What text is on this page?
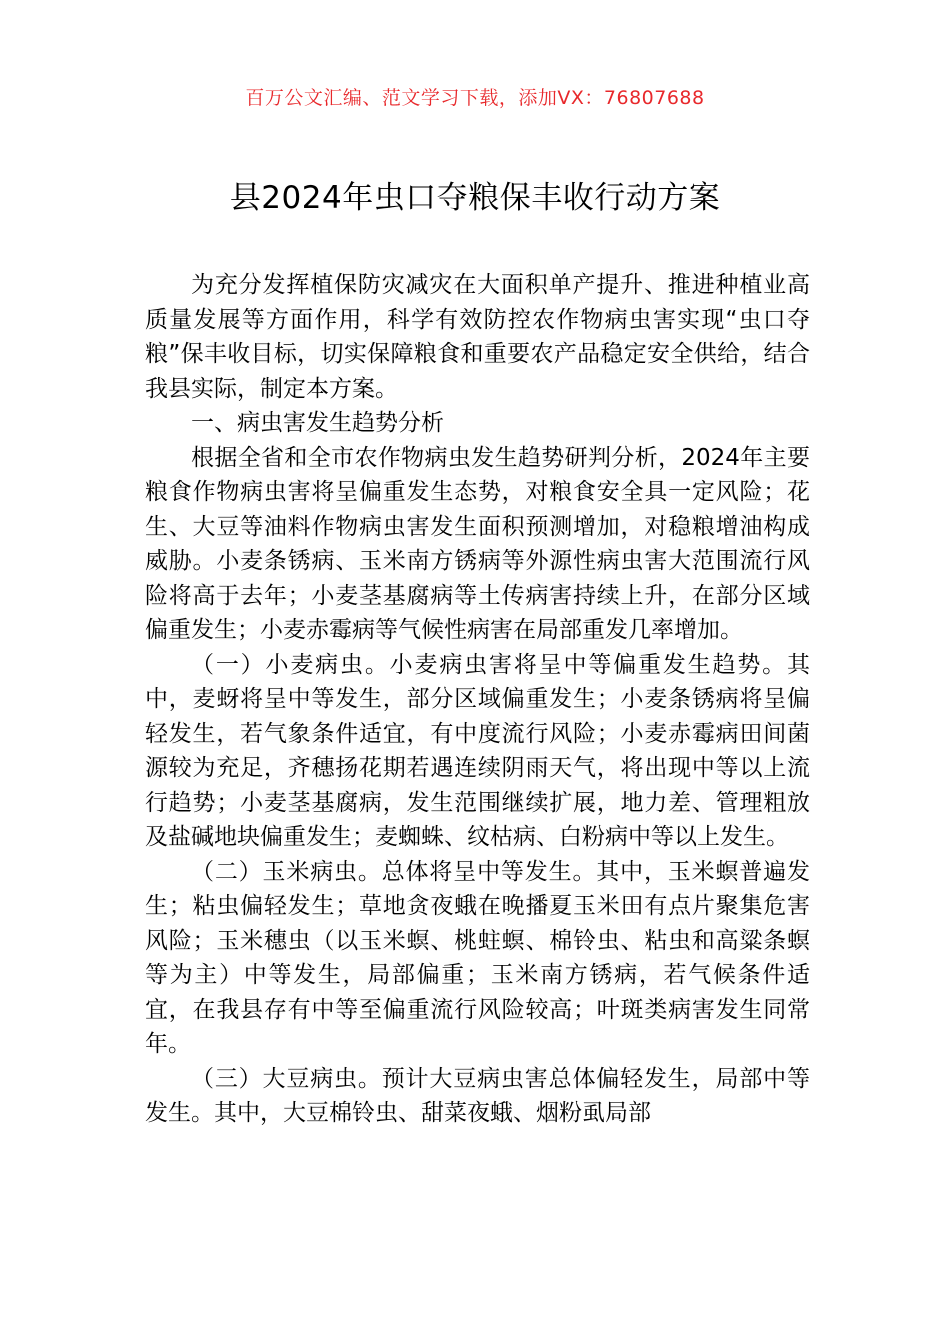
百万公文汇编、范文学习下载，添加VX：76807688
县2024年虫口夺粮保丰收行动方案

为充分发挥植保防灾减灾在大面积单产提升、推进种植业高质量发展等方面作用，科学有效防控农作物病虫害实现“虫口夺粮”保丰收目标，切实保障粮食和重要农产品稳定安全供给，结合我县实际，制定本方案。

一、病虫害发生趋势分析

根据全省和全市农作物病虫发生趋势研判分析，2024年主要粮食作物病虫害将呈偏重发生态势，对粮食安全具一定风险；花生、大豆等油料作物病虫害发生面积预测增加，对稳粮增油构成威胁。小麦条锈病、玉米南方锈病等外源性病虫害大范围流行风险将高于去年；小麦茎基腐病等土传病害持续上升，在部分区域偏重发生；小麦赤霉病等气候性病害在局部重发几率增加。

（一）小麦病虫。小麦病虫害将呈中等偏重发生趋势。其中，麦蚜将呈中等发生，部分区域偏重发生；小麦条锈病将呈偏轻发生，若气象条件适宜，有中度流行风险；小麦赤霉病田间菌源较为充足，齐穗扬花期若遇连续阴雨天气，将出现中等以上流行趋势；小麦茎基腐病，发生范围继续扩展，地力差、管理粗放及盐碱地块偏重发生；麦蜘蛛、纹枯病、白粉病中等以上发生。

（二）玉米病虫。总体将呈中等发生。其中，玉米螟普遍发生；粘虫偏轻发生；草地贪夜蛾在晚播夏玉米田有点片聚集危害风险；玉米穗虫（以玉米螟、桃蛀螟、棉铃虫、粘虫和高粱条螟等为主）中等发生，局部偏重；玉米南方锈病，若气候条件适宜，在我县存有中等至偏重流行风险较高；叶斑类病害发生同常年。

（三）大豆病虫。预计大豆病虫害总体偏轻发生，局部中等发生。其中，大豆棉铃虫、甜菜夜蛾、烟粉虱局部
